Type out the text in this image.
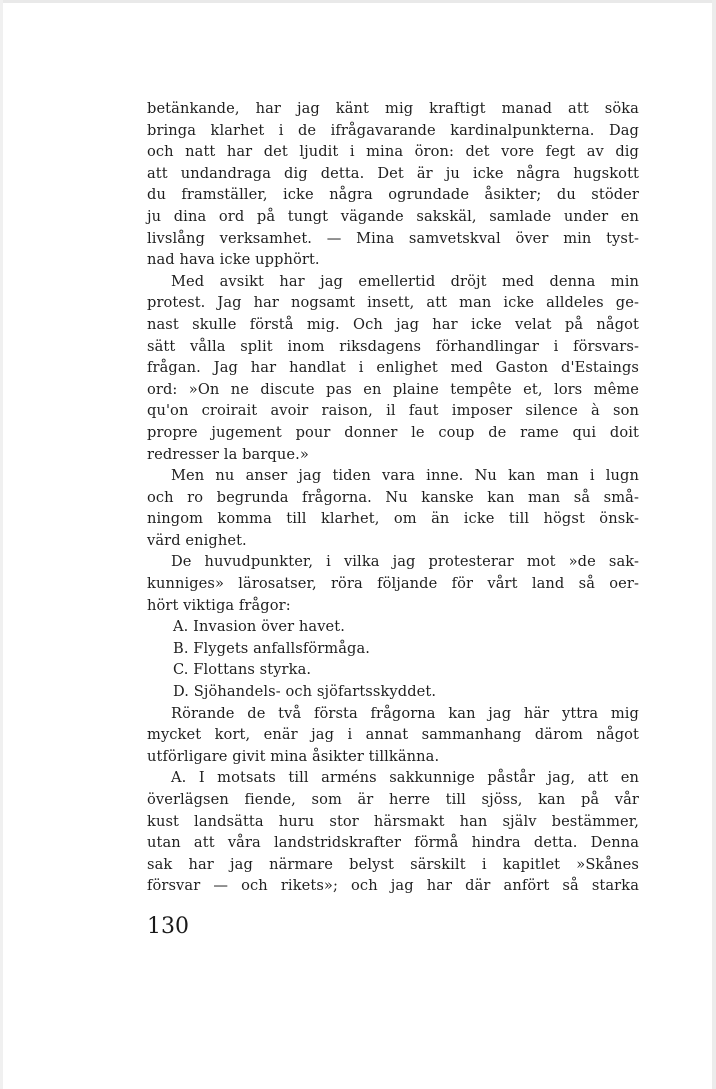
betänkande, har jag känt mig kraftigt manad att söka
bringa klarhet i de ifrågavarande kardinalpunkterna. Dag
och natt har det ljudit i mina öron: det vore fegt av dig
att undandraga dig detta. Det är ju icke några hugskott
du framställer, icke några ogrundade åsikter; du stöder
ju dina ord på tungt vägande sakskäl, samlade under en
livslång verksamhet. — Mina samvetskval över min tyst-
nad hava icke upphört.
Med avsikt har jag emellertid dröjt med denna min
protest. Jag har nogsamt insett, att man icke alldeles ge-
nast skulle förstå mig. Och jag har icke velat på något
sätt vålla split inom riksdagens förhandlingar i försvars-
frågan. Jag har handlat i enlighet med Gaston d'Estaings
ord: »On ne discute pas en plaine tempête et, lors même
qu'on croirait avoir raison, il faut imposer silence à son
propre jugement pour donner le coup de rame qui doit
redresser la barque.»
Men nu anser jag tiden vara inne. Nu kan man i lugn
och ro begrunda frågorna. Nu kanske kan man så små-
ningom komma till klarhet, om än icke till högst önsk-
värd enighet.
De huvudpunkter, i vilka jag protesterar mot »de sak-
kunniges» lärosatser, röra följande för vårt land så oer-
hört viktiga frågor:
A. Invasion över havet.
B. Flygets anfallsförmåga.
C. Flottans styrka.
D. Sjöhandels- och sjöfartsskyddet.
Rörande de två första frågorna kan jag här yttra mig
mycket kort, enär jag i annat sammanhang därom något
utförligare givit mina åsikter tillkänna.
A. I motsats till arméns sakkunnige påstår jag, att en
överlägsen fiende, som är herre till sjöss, kan på vår
kust landsätta huru stor härsmakt han själv bestämmer,
utan att våra landstridskrafter förmå hindra detta. Denna
sak har jag närmare belyst särskilt i kapitlet »Skånes
försvar — och rikets»; och jag har där anfört så starka
130
